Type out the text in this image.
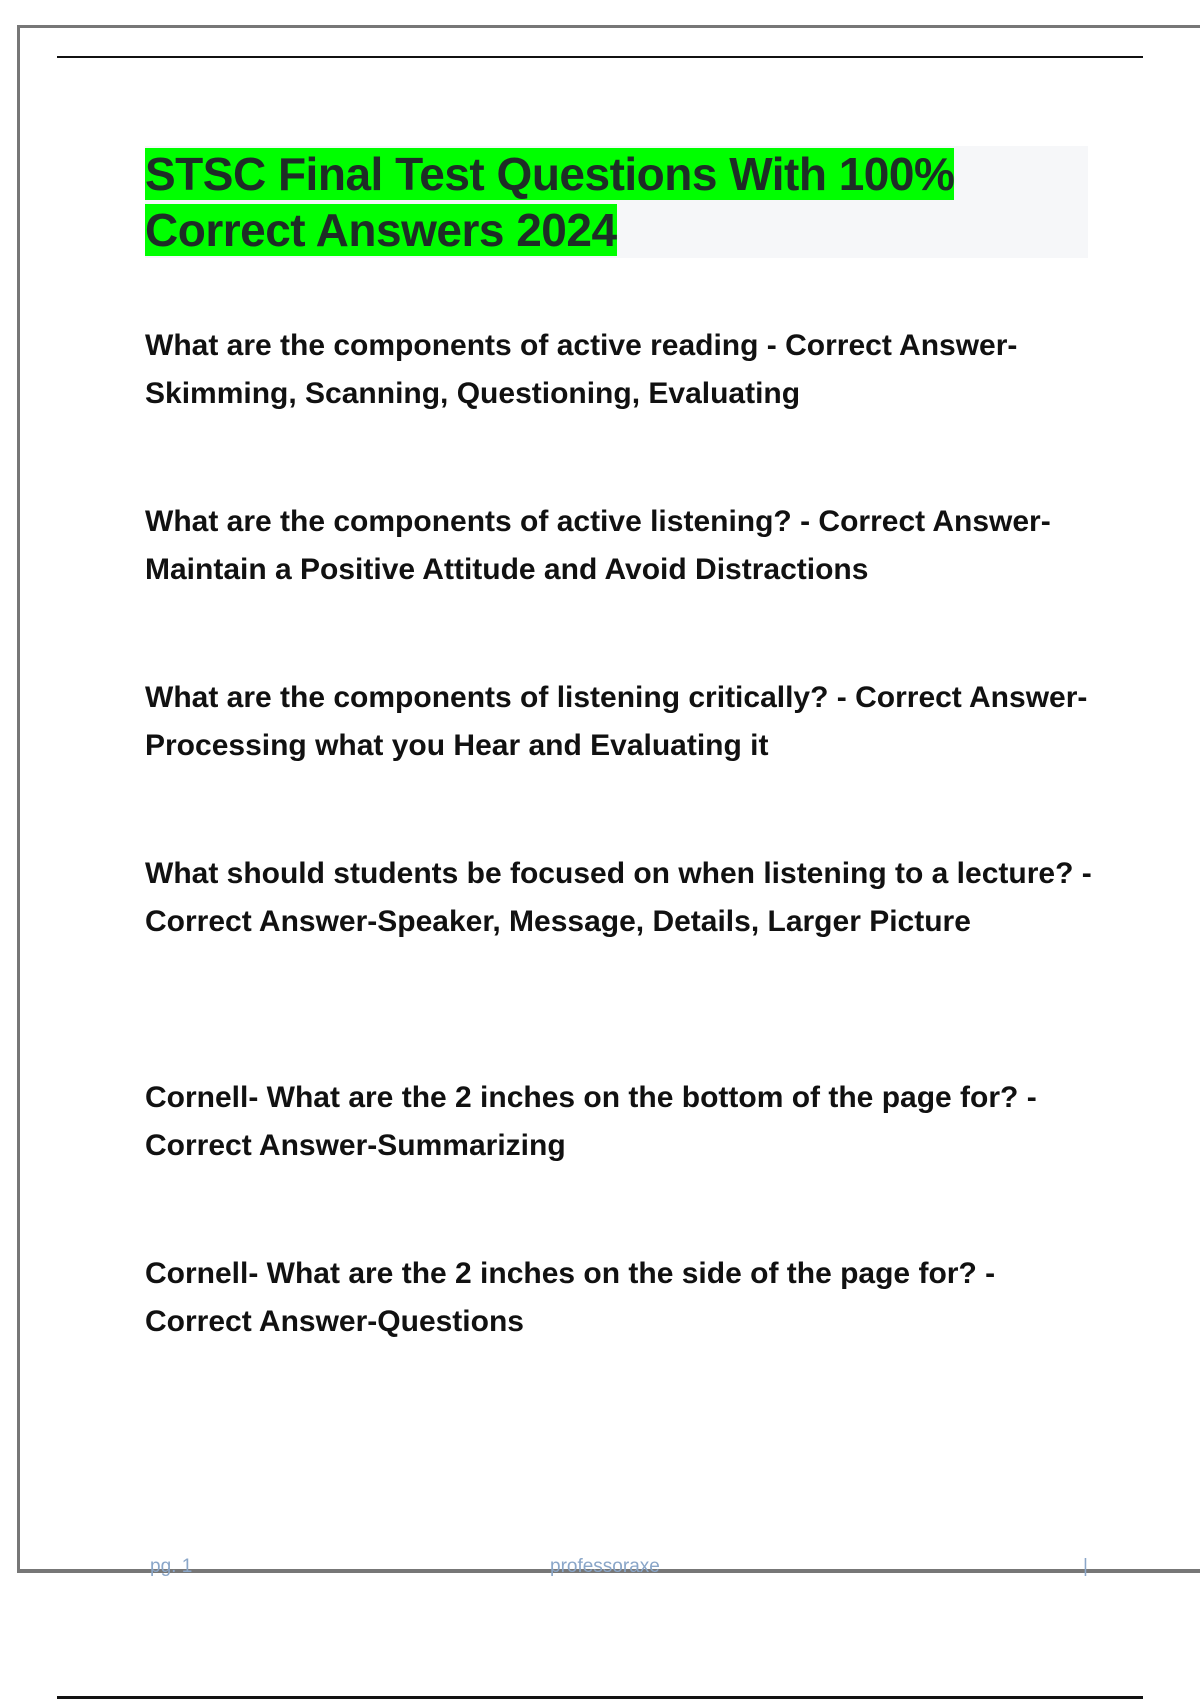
STSC Final Test Questions With 100%
Correct Answers 2024

What are the components of active reading - Correct Answer- Skimming, Scanning, Questioning, Evaluating

What are the components of active listening? - Correct Answer-Maintain a Positive Attitude and Avoid Distractions

What are the components of listening critically? - Correct Answer-Processing what you Hear and Evaluating it

What should students be focused on when listening to a lecture? - Correct Answer-Speaker, Message, Details, Larger Picture

Cornell- What are the 2 inches on the bottom of the page for? - Correct Answer-Summarizing

Cornell- What are the 2 inches on the side of the page for? - Correct Answer-Questions

pg. 1	professoraxe	|
